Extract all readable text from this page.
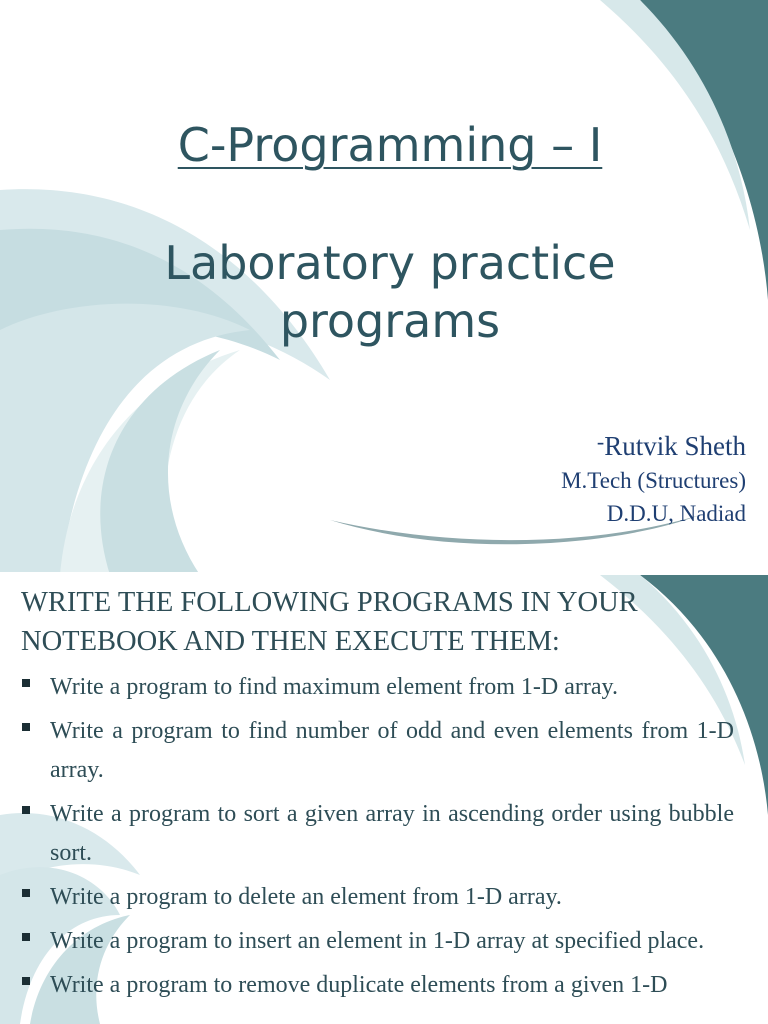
C-Programming – I
Laboratory practice
programs
-Rutvik Sheth
M.Tech (Structures)
D.D.U, Nadiad
WRITE THE FOLLOWING PROGRAMS IN YOUR NOTEBOOK AND THEN EXECUTE THEM:
Write a program to find maximum element from 1-D array.
Write a program to find number of odd and even elements from 1-D array.
Write a program to sort a given array in ascending order using bubble sort.
Write a program to delete an element from 1-D array.
Write a program to insert an element in 1-D array at specified place.
Write a program to remove duplicate elements from a given 1-D
